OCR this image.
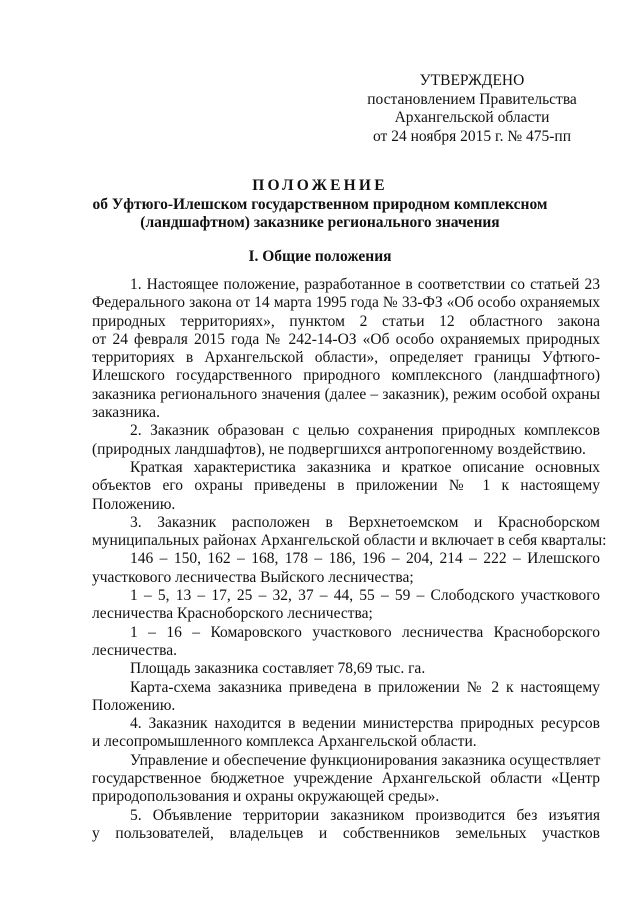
УТВЕРЖДЕНО
постановлением Правительства
Архангельской области
от 24 ноября 2015 г. № 475-пп
ПОЛОЖЕНИЕ
об Уфтюго-Илешском государственном природном комплексном
(ландшафтном) заказнике регионального значения
I. Общие положения
1. Настоящее положение, разработанное в соответствии со статьей 23
Федерального закона от 14 марта 1995 года № 33-ФЗ «Об особо охраняемых
природных территориях», пунктом 2 статьи 12 областного закона
от 24 февраля 2015 года № 242-14-ОЗ «Об особо охраняемых природных
территориях в Архангельской области», определяет границы Уфтюго-
Илешского государственного природного комплексного (ландшафтного)
заказника регионального значения (далее – заказник), режим особой охраны
заказника.
2. Заказник образован с целью сохранения природных комплексов
(природных ландшафтов), не подвергшихся антропогенному воздействию.
Краткая характеристика заказника и краткое описание основных
объектов его охраны приведены в приложении № 1 к настоящему
Положению.
3. Заказник расположен в Верхнетоемском и Красноборском
муниципальных районах Архангельской области и включает в себя кварталы:
146 – 150, 162 – 168, 178 – 186, 196 – 204, 214 – 222 – Илешского
участкового лесничества Выйского лесничества;
1 – 5, 13 – 17, 25 – 32, 37 – 44, 55 – 59 – Слободского участкового
лесничества Красноборского лесничества;
1 – 16 – Комаровского участкового лесничества Красноборского
лесничества.
Площадь заказника составляет 78,69 тыс. га.
Карта-схема заказника приведена в приложении № 2 к настоящему
Положению.
4. Заказник находится в ведении министерства природных ресурсов
и лесопромышленного комплекса Архангельской области.
Управление и обеспечение функционирования заказника осуществляет
государственное бюджетное учреждение Архангельской области «Центр
природопользования и охраны окружающей среды».
5. Объявление территории заказником производится без изъятия
у пользователей, владельцев и собственников земельных участков
